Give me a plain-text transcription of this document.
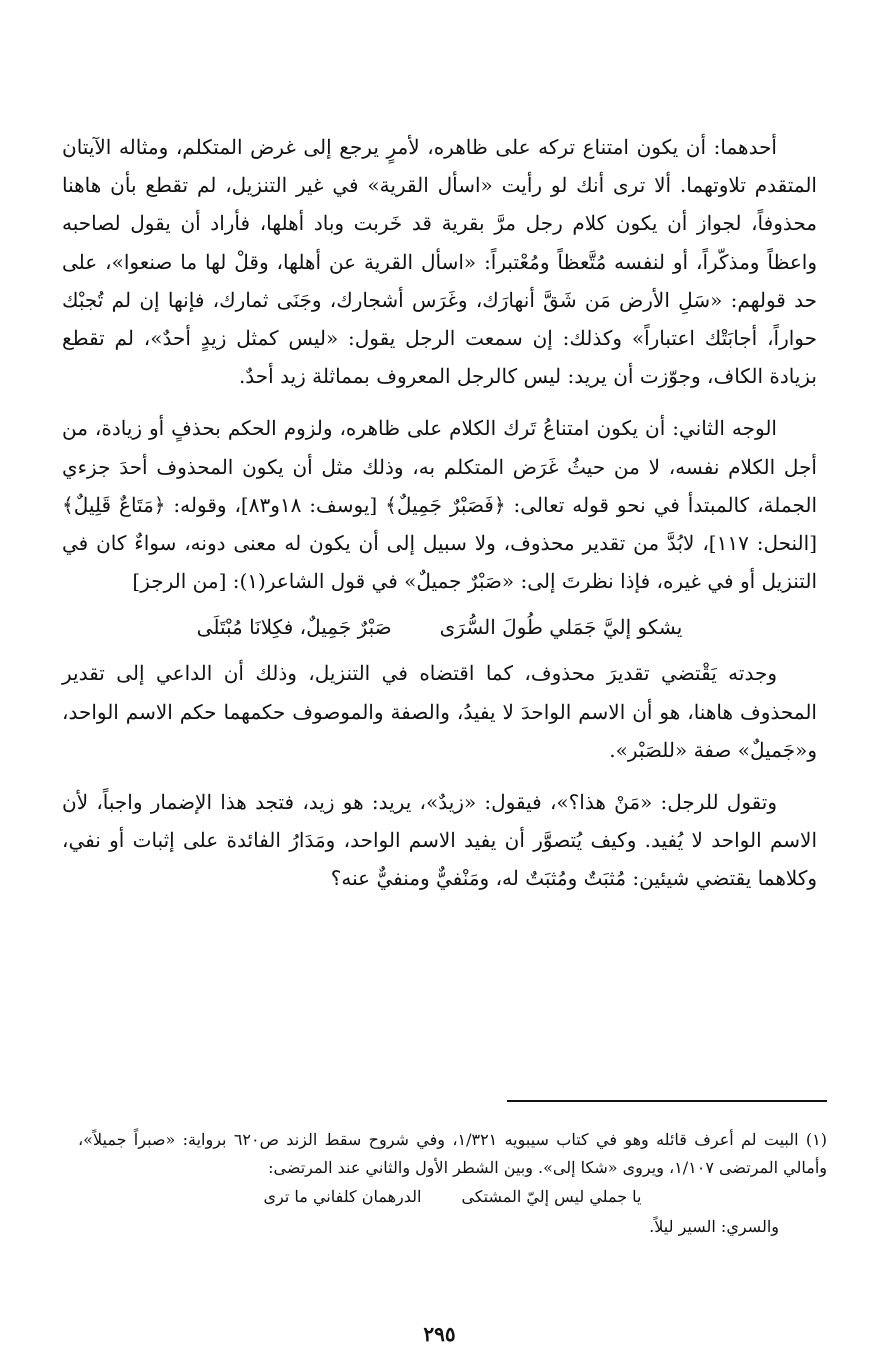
أحدهما: أن يكون امتناع تركه على ظاهره، لأمرٍ يرجع إلى غرض المتكلم، ومثاله الآيتان المتقدم تلاوتهما. ألا ترى أنك لو رأيت «اسأل القرية» في غير التنزيل، لم تقطع بأن هاهنا محذوفاً، لجواز أن يكون كلام رجل مرَّ بقرية قد خَربت وباد أهلها، فأراد أن يقول لصاحبه واعظاً ومذكّراً، أو لنفسه مُتَّعظاً ومُعْتبراً: «اسأل القرية عن أهلها، وقلْ لها ما صنعوا»، على حد قولهم: «سَلِ الأرض مَن شَقَّ أنهارَك، وغَرَس أشجارك، وجَنَى ثمارك، فإنها إن لم تُجبْك حواراً، أجابَتْك اعتباراً» وكذلك: إن سمعت الرجل يقول: «ليس كمثل زيدٍ أحدٌ»، لم تقطع بزيادة الكاف، وجوّزت أن يريد: ليس كالرجل المعروف بمماثلة زيد أحدٌ.

الوجه الثاني: أن يكون امتناعُ تَرك الكلام على ظاهره، ولزوم الحكم بحذفٍ أو زيادة، من أجل الكلام نفسه، لا من حيثُ غَرَض المتكلم به، وذلك مثل أن يكون المحذوف أحدَ جزءي الجملة، كالمبتدأ في نحو قوله تعالى: ﴿فَصَبْرٌ جَمِيلٌ﴾ [يوسف: ١٨و٨٣]، وقوله: ﴿مَتَاعٌ قَلِيلٌ﴾ [النحل: ١١٧]، لابُدَّ من تقدير محذوف، ولا سبيل إلى أن يكون له معنى دونه، سواءٌ كان في التنزيل أو في غيره، فإذا نظرتَ إلى: «صَبْرٌ جميلٌ» في قول الشاعر(١): [من الرجز]

يشكو إليَّ جَمَلي طُولَ السُّرَى
صَبْرٌ جَمِيلٌ، فكِلانَا مُبْتَلَى

وجدته يَقْتضي تقديرَ محذوف، كما اقتضاه في التنزيل، وذلك أن الداعي إلى تقدير المحذوف هاهنا، هو أن الاسم الواحدَ لا يفيدُ، والصفة والموصوف حكمهما حكم الاسم الواحد، و«جَميلٌ» صفة «للصَبْر».

وتقول للرجل: «مَنْ هذا؟»، فيقول: «زيدٌ»، يريد: هو زيد، فتجد هذا الإضمار واجباً، لأن الاسم الواحد لا يُفيد. وكيف يُتصوَّر أن يفيد الاسم الواحد، ومَدَارُ الفائدة على إثبات أو نفي، وكلاهما يقتضي شيئين: مُثبَتٌ ومُثبَتٌ له، ومَنْفيٌّ ومنفيٌّ عنه؟

(١) البيت لم أعرف قائله وهو في كتاب سيبويه ١/٣٢١، وفي شروح سقط الزند ص٦٢٠ برواية: «صبراً جميلاً»، وأمالي المرتضى ١/١٠٧، ويروى «شكا إلى». وبين الشطر الأول والثاني عند المرتضى:

يا جملي ليس إليّ المشتكى
الدرهمان كلفاني ما ترى

والسري: السير ليلاً.

٢٩٥
